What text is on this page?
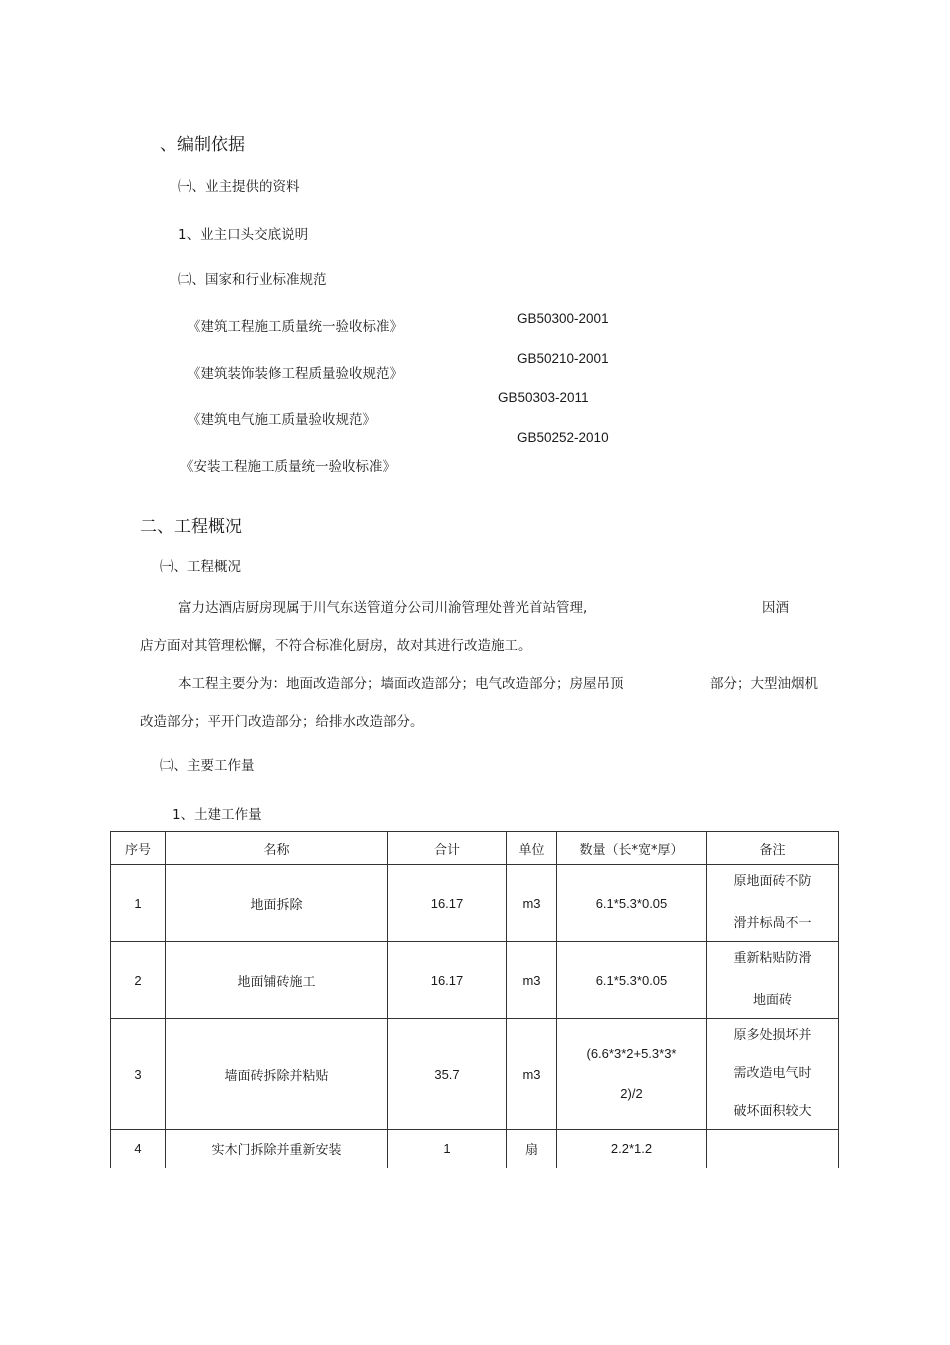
、编制依据
㈠、业主提供的资料
1、业主口头交底说明
㈡、国家和行业标准规范
《建筑工程施工质量统一验收标准》
GB50300-2001
《建筑装饰装修工程质量验收规范》
GB50210-2001
《建筑电气施工质量验收规范》
GB50303-2011
《安装工程施工质量统一验收标准》
GB50252-2010
二、工程概况
㈠、工程概况
富力达酒店厨房现属于川气东送管道分公司川渝管理处普光首站管理,	因酒
店方面对其管理松懈，不符合标准化厨房，故对其进行改造施工。
本工程主要分为：地面改造部分；墙面改造部分；电气改造部分；房屋吊顶	部分；大型油烟机
改造部分；平开门改造部分；给排水改造部分。
㈡、主要工作量
1、土建工作量
序号	名称	合计	单位	数量（长*宽*厚）	备注
1	地面拆除	16.17	m3	6.1*5.3*0.05	原地面砖不防
滑并标咼不一

2	地面铺砖施工	16.17	m3	6.1*5.3*0.05	重新粘贴防滑
地面砖

3	墙面砖拆除并粘贴	35.7	m3	(6.6*3*2+5.3*3*
2)/2	原多处损坏并
需改造电气时
破坏面积较大

4	实木门拆除并重新安装	1	扇	2.2*1.2	
